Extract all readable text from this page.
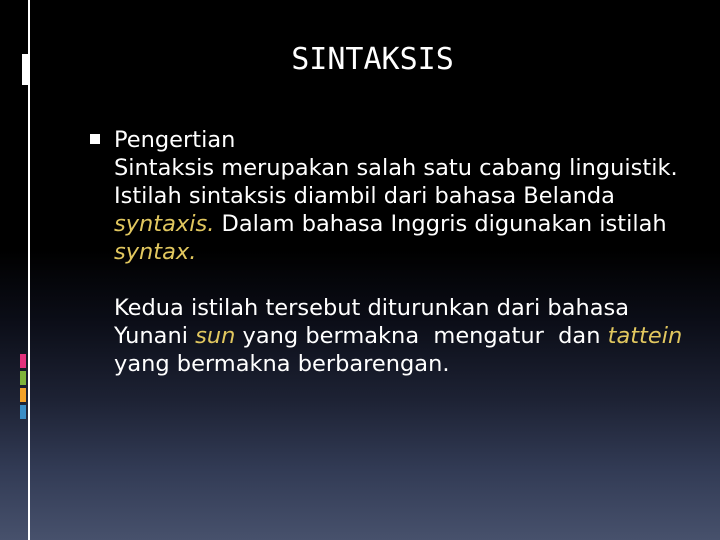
SINTAKSIS
Pengertian

Sintaksis merupakan salah satu cabang linguistik. Istilah sintaksis diambil dari bahasa Belanda syntaxis. Dalam bahasa Inggris digunakan istilah syntax.

Kedua istilah tersebut diturunkan dari bahasa Yunani sun yang bermakna  mengatur  dan tattein yang bermakna berbarengan.
